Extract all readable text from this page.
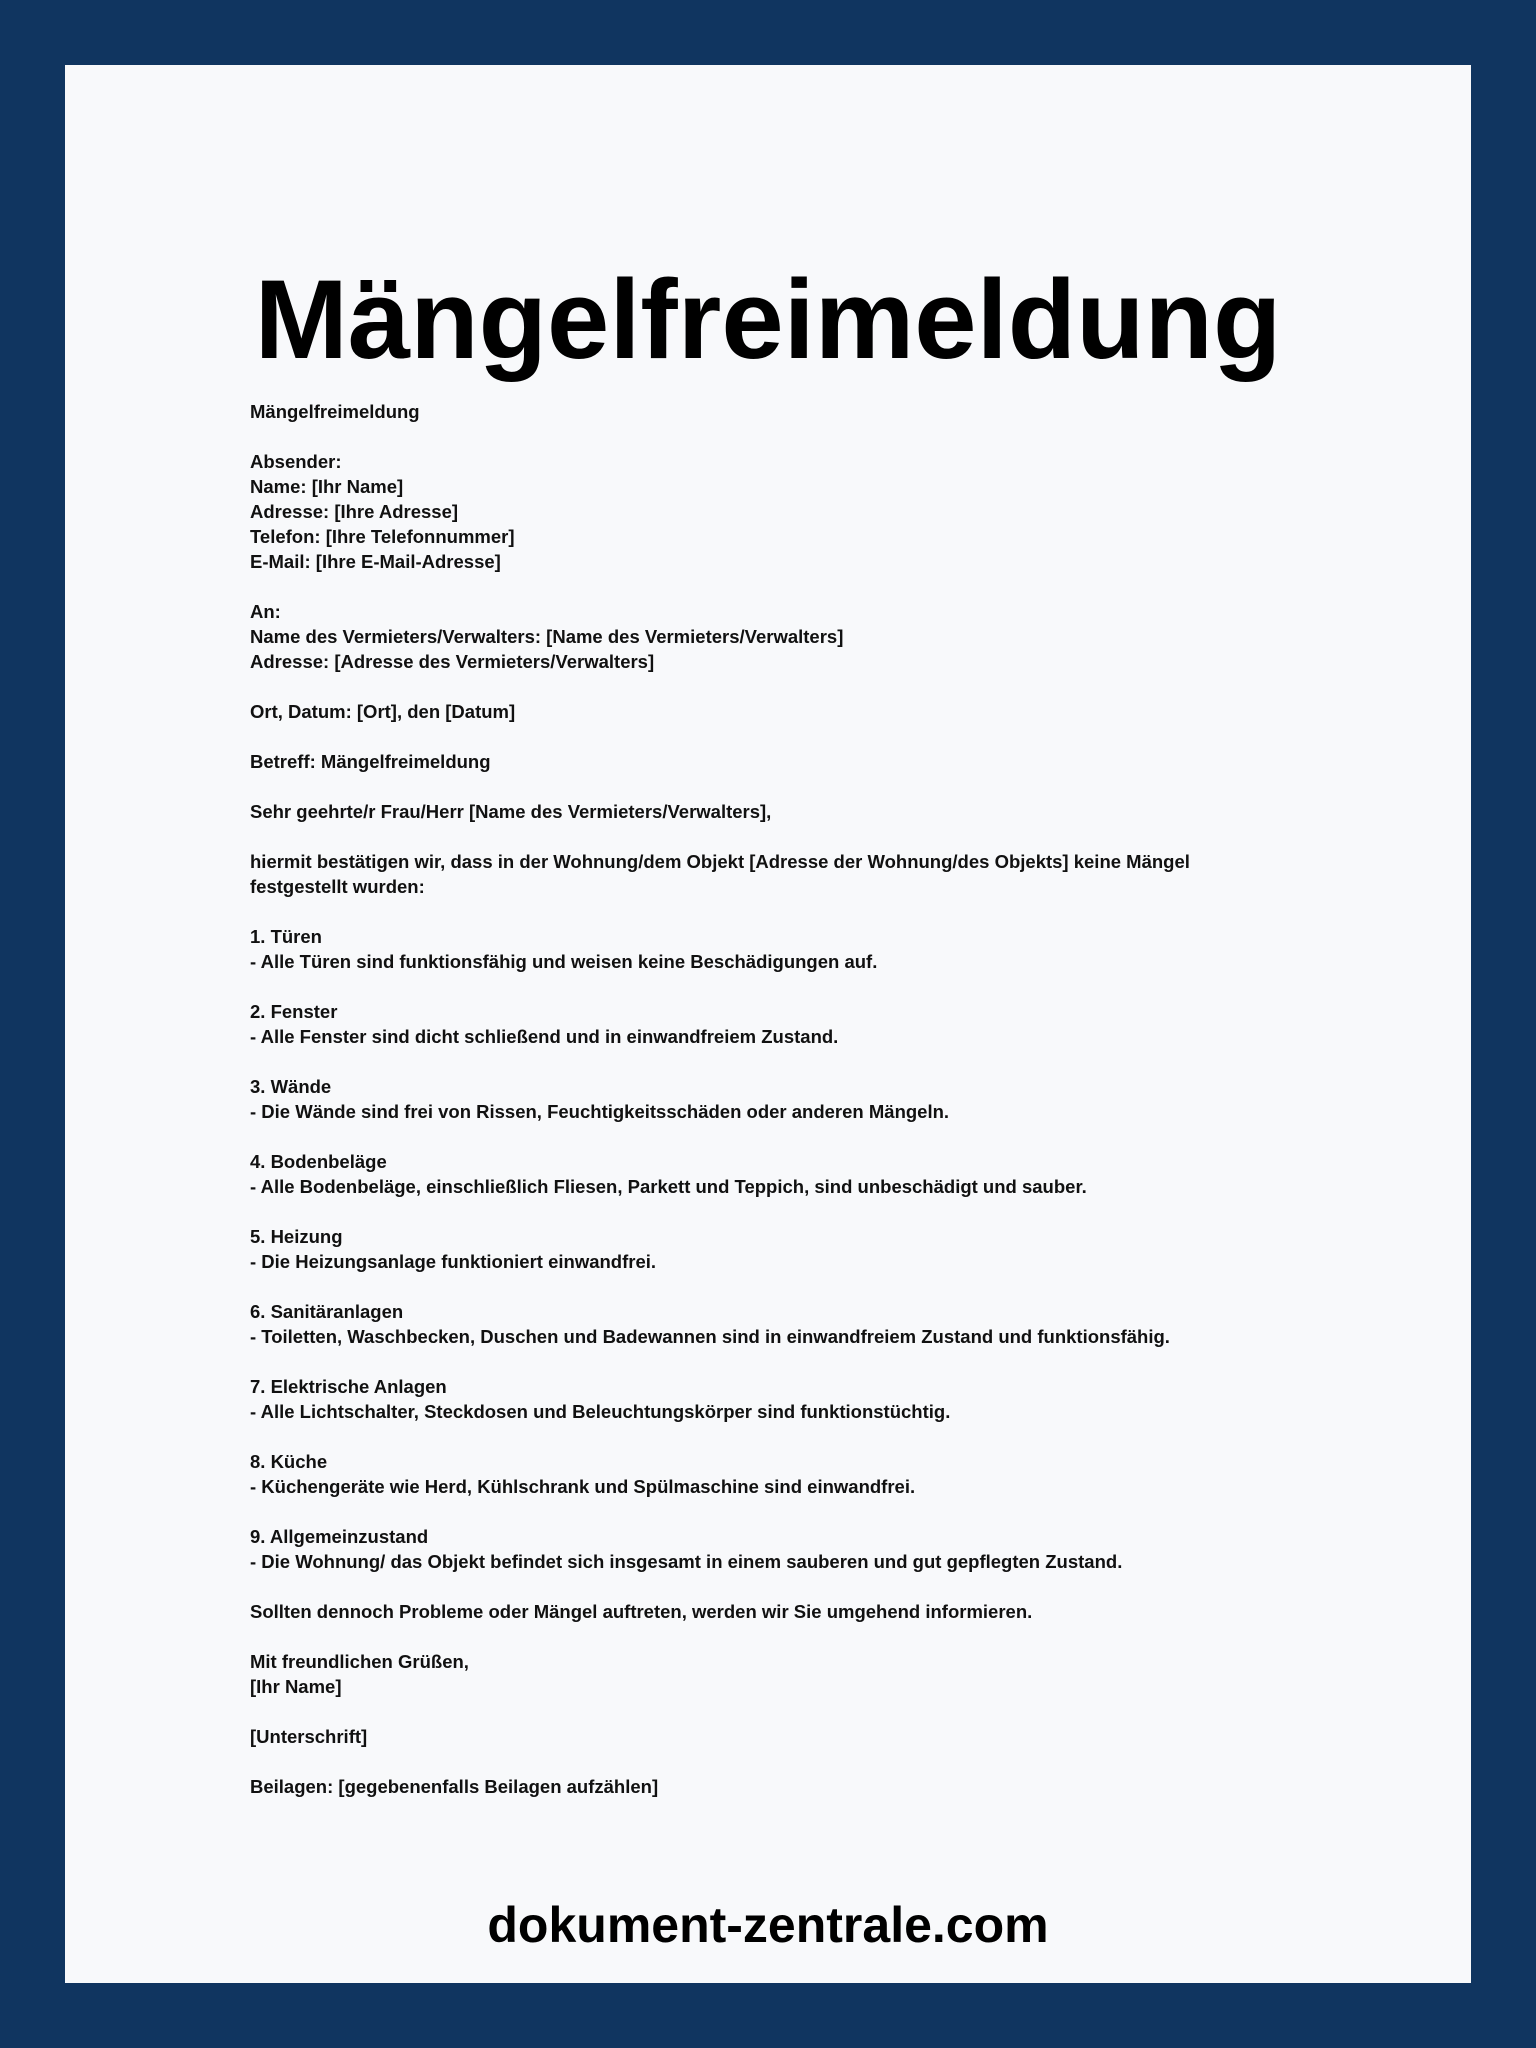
Mängelfreimeldung
Mängelfreimeldung
Absender:
Name: [Ihr Name]
Adresse: [Ihre Adresse]
Telefon: [Ihre Telefonnummer]
E-Mail: [Ihre E-Mail-Adresse]
An:
Name des Vermieters/Verwalters: [Name des Vermieters/Verwalters]
Adresse: [Adresse des Vermieters/Verwalters]
Ort, Datum: [Ort], den [Datum]
Betreff: Mängelfreimeldung
Sehr geehrte/r Frau/Herr [Name des Vermieters/Verwalters],
hiermit bestätigen wir, dass in der Wohnung/dem Objekt [Adresse der Wohnung/des Objekts] keine Mängel
festgestellt wurden:
1. Türen
- Alle Türen sind funktionsfähig und weisen keine Beschädigungen auf.
2. Fenster
- Alle Fenster sind dicht schließend und in einwandfreiem Zustand.
3. Wände
- Die Wände sind frei von Rissen, Feuchtigkeitsschäden oder anderen Mängeln.
4. Bodenbeläge
- Alle Bodenbeläge, einschließlich Fliesen, Parkett und Teppich, sind unbeschädigt und sauber.
5. Heizung
- Die Heizungsanlage funktioniert einwandfrei.
6. Sanitäranlagen
- Toiletten, Waschbecken, Duschen und Badewannen sind in einwandfreiem Zustand und funktionsfähig.
7. Elektrische Anlagen
- Alle Lichtschalter, Steckdosen und Beleuchtungskörper sind funktionstüchtig.
8. Küche
- Küchengeräte wie Herd, Kühlschrank und Spülmaschine sind einwandfrei.
9. Allgemeinzustand
- Die Wohnung/ das Objekt befindet sich insgesamt in einem sauberen und gut gepflegten Zustand.
Sollten dennoch Probleme oder Mängel auftreten, werden wir Sie umgehend informieren.
Mit freundlichen Grüßen,
[Ihr Name]
[Unterschrift]
Beilagen: [gegebenenfalls Beilagen aufzählen]
dokument-zentrale.com
